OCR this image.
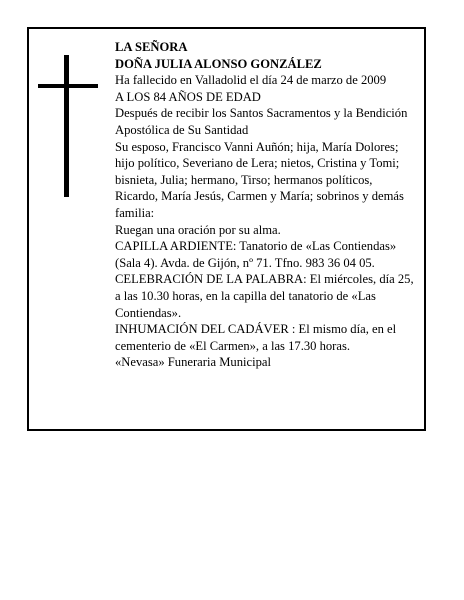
LA SEÑORA

DOÑA JULIA ALONSO GONZÁLEZ

Ha fallecido en Valladolid el día 24 de marzo de 2009

A LOS 84 AÑOS DE EDAD

Después de recibir los Santos Sacramentos y la Bendición Apostólica de Su Santidad

Su esposo, Francisco Vanni Auñón; hija, María Dolores; hijo político, Severiano de Lera; nietos, Cristina y Tomi; bisnieta, Julia; hermano, Tirso; hermanos políticos, Ricardo, María Jesús, Carmen y María; sobrinos y demás familia:

Ruegan una oración por su alma.

CAPILLA ARDIENTE: Tanatorio de «Las Contiendas» (Sala 4). Avda. de Gijón, nº 71. Tfno. 983 36 04 05.

CELEBRACIÓN DE LA PALABRA: El miércoles, día 25, a las 10.30 horas, en la capilla del tanatorio de «Las Contiendas».

INHUMACIÓN DEL CADÁVER : El mismo día, en el cementerio de «El Carmen», a las 17.30 horas.

«Nevasa» Funeraria Municipal
